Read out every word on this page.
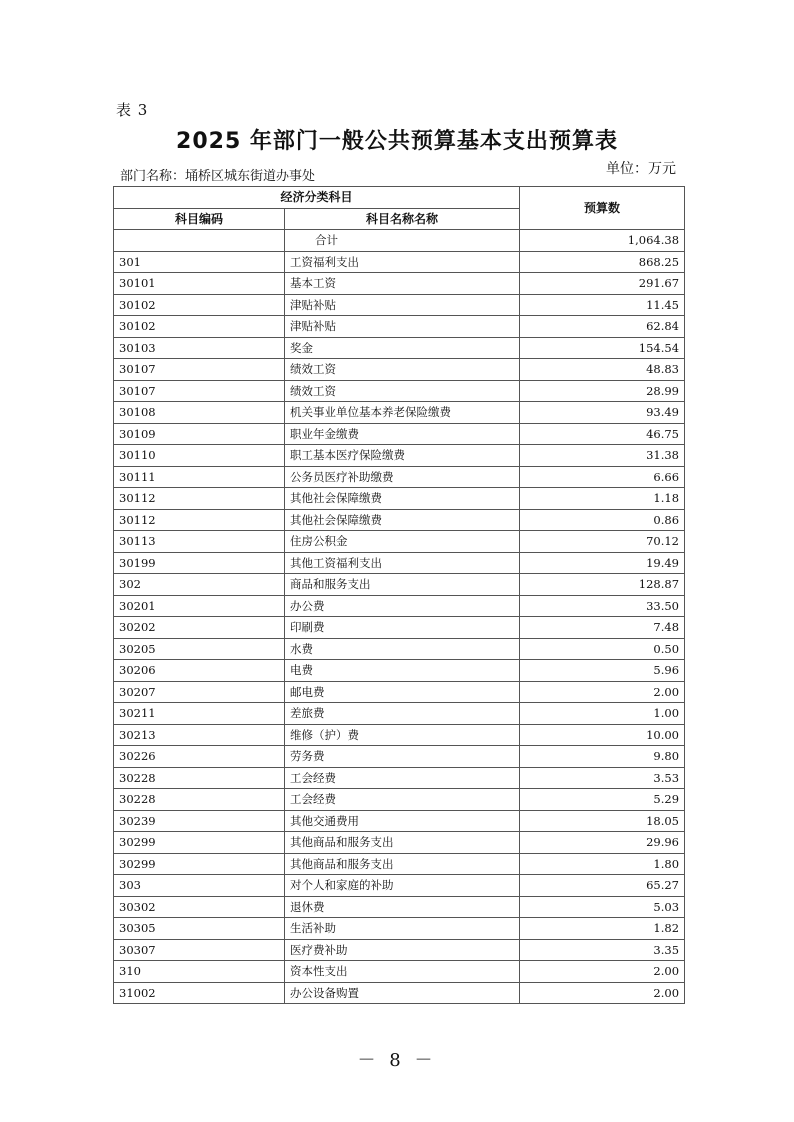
表 3
2025 年部门一般公共预算基本支出预算表
部门名称：埇桥区城东街道办事处	单位：万元
经济分类科目		预算数
科目编码	科目名称名称	
	合计	1,064.38
301	工资福利支出	868.25
30101	基本工资	291.67
30102	津贴补贴	11.45
30102	津贴补贴	62.84
30103	奖金	154.54
30107	绩效工资	48.83
30107	绩效工资	28.99
30108	机关事业单位基本养老保险缴费	93.49
30109	职业年金缴费	46.75
30110	职工基本医疗保险缴费	31.38
30111	公务员医疗补助缴费	6.66
30112	其他社会保障缴费	1.18
30112	其他社会保障缴费	0.86
30113	住房公积金	70.12
30199	其他工资福利支出	19.49
302	商品和服务支出	128.87
30201	办公费	33.50
30202	印刷费	7.48
30205	水费	0.50
30206	电费	5.96
30207	邮电费	2.00
30211	差旅费	1.00
30213	维修（护）费	10.00
30226	劳务费	9.80
30228	工会经费	3.53
30228	工会经费	5.29
30239	其他交通费用	18.05
30299	其他商品和服务支出	29.96
30299	其他商品和服务支出	1.80
303	对个人和家庭的补助	65.27
30302	退休费	5.03
30305	生活补助	1.82
30307	医疗费补助	3.35
310	资本性支出	2.00
31002	办公设备购置	2.00
－ 8 －
